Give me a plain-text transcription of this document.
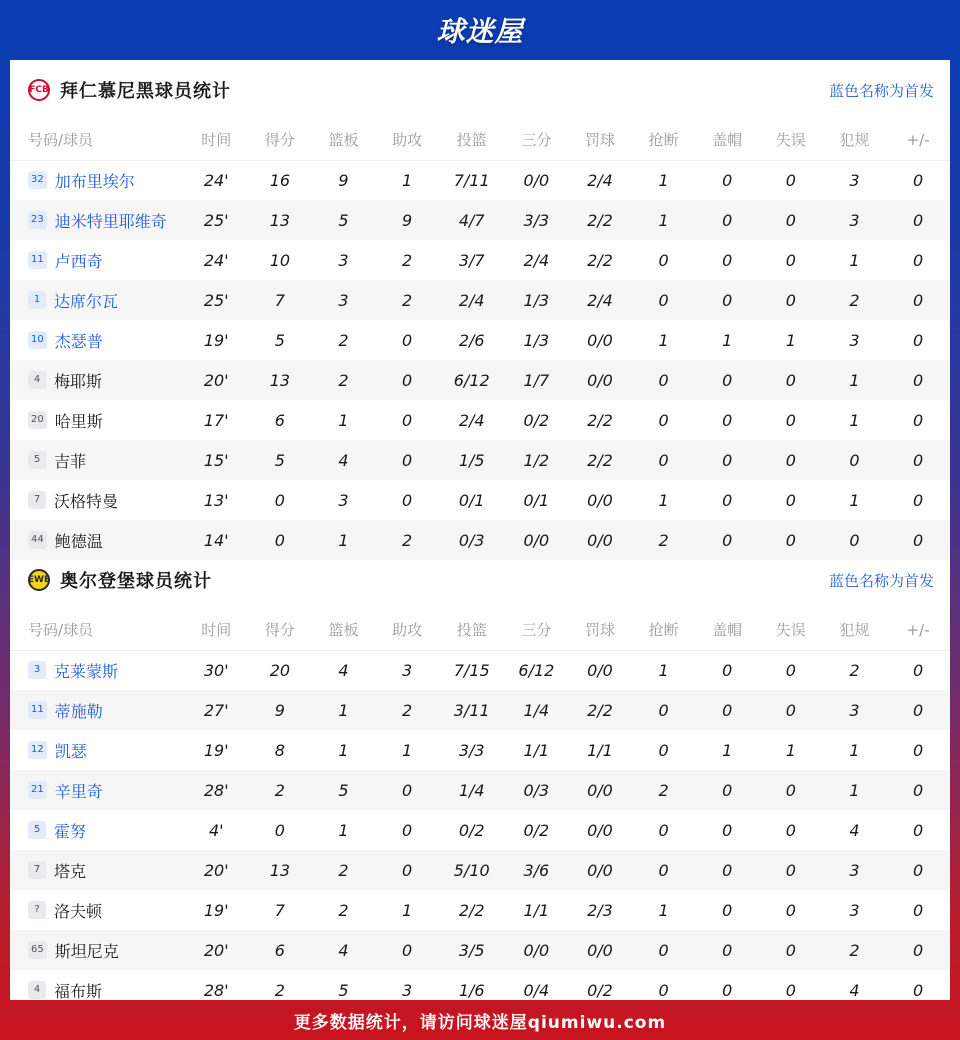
球迷屋
FCB 拜仁慕尼黑球员统计	蓝色名称为首发
号码/球员	时间	得分	篮板	助攻	投篮	三分	罚球	抢断	盖帽	失误	犯规	+/-
32 加布里埃尔	24'	16	9	1	7/11	0/0	2/4	1	0	0	3	0
23 迪米特里耶维奇	25'	13	5	9	4/7	3/3	2/2	1	0	0	3	0
11 卢西奇	24'	10	3	2	3/7	2/4	2/2	0	0	0	1	0
1 达席尔瓦	25'	7	3	2	2/4	1/3	2/4	0	0	0	2	0
10 杰瑟普	19'	5	2	0	2/6	1/3	0/0	1	1	1	3	0
4 梅耶斯	20'	13	2	0	6/12	1/7	0/0	0	0	0	1	0
20 哈里斯	17'	6	1	0	2/4	0/2	2/2	0	0	0	1	0
5 吉菲	15'	5	4	0	1/5	1/2	2/2	0	0	0	0	0
7 沃格特曼	13'	0	3	0	0/1	0/1	0/0	1	0	0	1	0
44 鲍德温	14'	0	1	2	0/3	0/0	0/0	2	0	0	0	0
EWE 奥尔登堡球员统计	蓝色名称为首发
号码/球员	时间	得分	篮板	助攻	投篮	三分	罚球	抢断	盖帽	失误	犯规	+/-
3 克莱蒙斯	30'	20	4	3	7/15	6/12	0/0	1	0	0	2	0
11 蒂施勒	27'	9	1	2	3/11	1/4	2/2	0	0	0	3	0
12 凯瑟	19'	8	1	1	3/3	1/1	1/1	0	1	1	1	0
21 辛里奇	28'	2	5	0	1/4	0/3	0/0	2	0	0	1	0
5 霍努	4'	0	1	0	0/2	0/2	0/0	0	0	0	4	0
7 塔克	20'	13	2	0	5/10	3/6	0/0	0	0	0	3	0
? 洛夫顿	19'	7	2	1	2/2	1/1	2/3	1	0	0	3	0
65 斯坦尼克	20'	6	4	0	3/5	0/0	0/0	0	0	0	2	0
4 福布斯	28'	2	5	3	1/6	0/4	0/2	0	0	0	4	0
更多数据统计，请访问球迷屋qiumiwu.com
